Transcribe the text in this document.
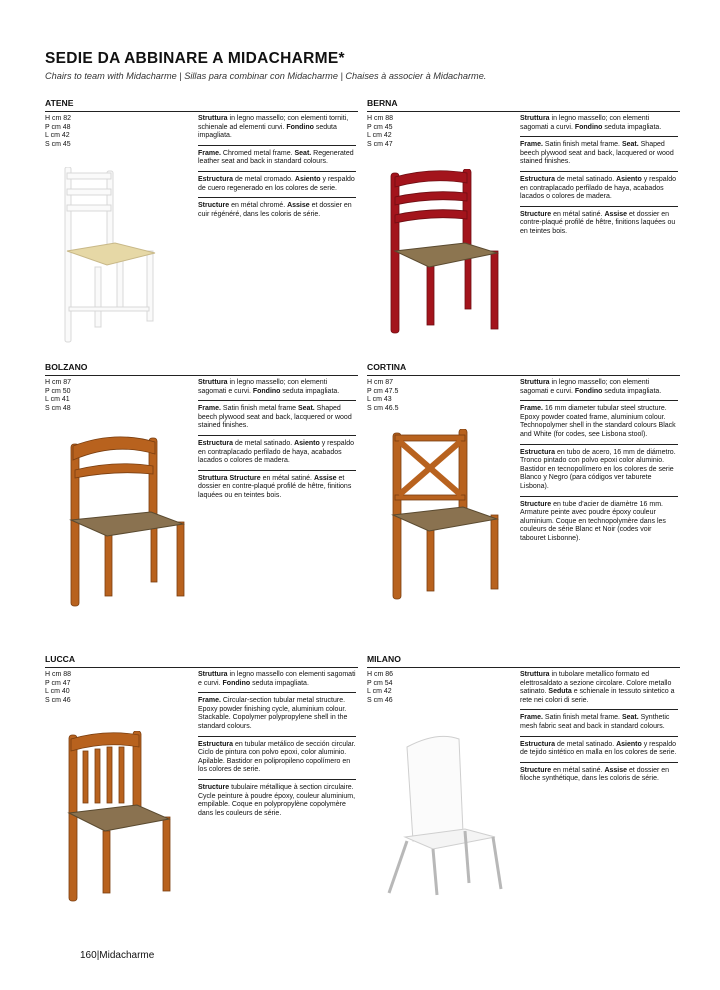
SEDIE DA ABBINARE A MIDACHARME*
Chairs to team with Midacharme | Sillas para combinar con Midacharme | Chaises à associer à Midacharme.
ATENE
H cm 82
P cm 48
L cm 42
S cm 45
Struttura in legno massello; con elementi torniti, schienale ad elementi curvi. Fondino seduta impagliata.
Frame. Chromed metal frame. Seat. Regenerated leather seat and back in standard colours.
Estructura de metal cromado. Asiento y respaldo de cuero regenerado en los colores de serie.
Structure en métal chromé. Assise et dossier en cuir régénéré, dans les coloris de série.
BERNA
H cm 88
P cm 45
L cm 42
S cm 47
Struttura in legno massello; con elementi sagomati a curvi. Fondino seduta impagliata.
Frame. Satin finish metal frame. Seat. Shaped beech plywood seat and back, lacquered or wood stained finishes.
Estructura de metal satinado. Asiento y respaldo en contraplacado perfilado de haya, acabados lacados o colores de madera.
Structure en métal satiné. Assise et dossier en contre-plaqué profilé de hêtre, finitions laquées ou en teintes bois.
BOLZANO
H cm 87
P cm 50
L cm 41
S cm 48
Struttura in legno massello; con elementi sagomati e curvi. Fondino seduta impagliata.
Frame. Satin finish metal frame Seat. Shaped beech plywood seat and back, lacquered or wood stained finishes.
Estructura de metal satinado. Asiento y respaldo en contraplacado perfilado de haya, acabados lacados o colores de madera.
Struttura Structure en métal satiné. Assise et dossier en contre-plaqué profilé de hêtre, finitions laquées ou en teintes bois.
CORTINA
H cm 87
P cm 47.5
L cm 43
S cm 46.5
Struttura in legno massello; con elementi sagomati e curvi. Fondino seduta impagliata.
Frame. 16 mm diameter tubular steel structure. Epoxy powder coated frame, aluminium colour. Technopolymer shell in the standard colours Black and White (for codes, see Lisbona stool).
Estructura en tubo de acero, 16 mm de diámetro. Tronco pintado con polvo epoxi color aluminio. Bastidor en tecnopolímero en los colores de serie Blanco y Negro (para códigos ver taburete Lisbona).
Structure en tube d'acier de diamètre 16 mm. Armature peinte avec poudre époxy couleur aluminium. Coque en technopolymère dans les couleurs de série Blanc et Noir (codes voir tabouret Lisbonne).
LUCCA
H cm 88
P cm 47
L cm 40
S cm 46
Struttura in legno massello con elementi sagomati e curvi. Fondino seduta impagliata.
Frame. Circular-section tubular metal structure. Epoxy powder finishing cycle, aluminium colour. Stackable. Copolymer polypropylene shell in the standard colours.
Estructura en tubular metálico de sección circular. Ciclo de pintura con polvo epoxi, color aluminio. Apilable. Bastidor en polipropileno copolímero en los colores de serie.
Structure tubulaire métallique à section circulaire. Cycle peinture à poudre époxy, couleur aluminium, empilable. Coque en polypropylène copolymère dans les couleurs de série.
MILANO
H cm 86
P cm 54
L cm 42
S cm 46
Struttura in tubolare metallico formato ed elettrosaldato a sezione circolare. Colore metallo satinato. Seduta e schienale in tessuto sintetico a rete nei colori di serie.
Frame. Satin finish metal frame. Seat. Synthetic mesh fabric seat and back in standard colours.
Estructura de metal satinado. Asiento y respaldo de tejido sintético en malla en los colores de serie.
Structure en métal satiné. Assise et dossier en filoche synthétique, dans les coloris de série.
160|Midacharme
